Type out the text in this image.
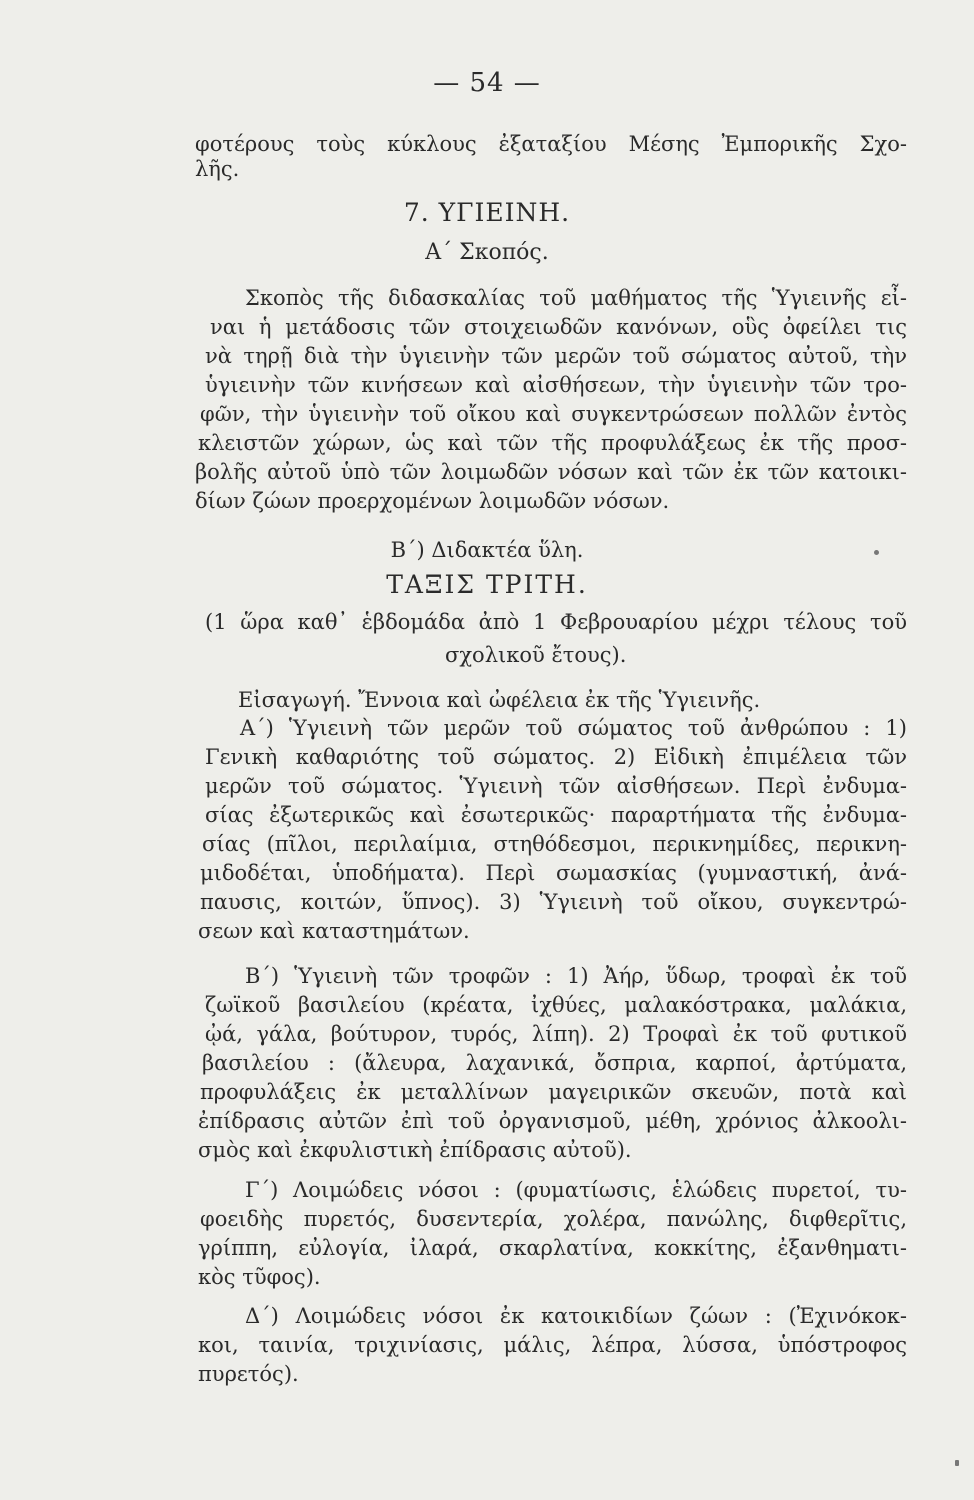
— 54 —
φοτέρους τοὺς κύκλους ἐξαταξίου Μέσης Ἐμπορικῆς Σχο-
λῆς.
7. ΥΓΙΕΙΝΗ.
Α΄ Σκοπός.
Σκοπὸς τῆς διδασκαλίας τοῦ μαθήματος τῆς Ὑγιεινῆς εἶ-
ναι ἡ μετάδοσις τῶν στοιχειωδῶν κανόνων, οὓς ὀφείλει τις
νὰ τηρῇ διὰ τὴν ὑγιεινὴν τῶν μερῶν τοῦ σώματος αὐτοῦ, τὴν
ὑγιεινὴν τῶν κινήσεων καὶ αἰσθήσεων, τὴν ὑγιεινὴν τῶν τρο-
φῶν, τὴν ὑγιεινὴν τοῦ οἴκου καὶ συγκεντρώσεων πολλῶν ἐντὸς
κλειστῶν χώρων, ὡς καὶ τῶν τῆς προφυλάξεως ἐκ τῆς προσ-
βολῆς αὐτοῦ ὑπὸ τῶν λοιμωδῶν νόσων καὶ τῶν ἐκ τῶν κατοικι-
δίων ζώων προερχομένων λοιμωδῶν νόσων.
Β΄) Διδακτέα ὕλη.
ΤΑΞΙΣ ΤΡΙΤΗ.
(1 ὥρα καθ᾽ ἑβδομάδα ἀπὸ 1 Φεβρουαρίου μέχρι τέλους τοῦ
σχολικοῦ ἔτους).
Εἰσαγωγή. Ἔννοια καὶ ὠφέλεια ἐκ τῆς Ὑγιεινῆς.
Α΄) Ὑγιεινὴ τῶν μερῶν τοῦ σώματος τοῦ ἀνθρώπου : 1)
Γενικὴ καθαριότης τοῦ σώματος. 2) Εἰδικὴ ἐπιμέλεια τῶν
μερῶν τοῦ σώματος. Ὑγιεινὴ τῶν αἰσθήσεων. Περὶ ἐνδυμα-
σίας ἐξωτερικῶς καὶ ἐσωτερικῶς· παραρτήματα τῆς ἐνδυμα-
σίας (πῖλοι, περιλαίμια, στηθόδεσμοι, περικνημίδες, περικνη-
μιδοδέται, ὑποδήματα). Περὶ σωμασκίας (γυμναστική, ἀνά-
παυσις, κοιτών, ὕπνος). 3) Ὑγιεινὴ τοῦ οἴκου, συγκεντρώ-
σεων καὶ καταστημάτων.
Β΄) Ὑγιεινὴ τῶν τροφῶν : 1) Ἀήρ, ὕδωρ, τροφαὶ ἐκ τοῦ
ζωϊκοῦ βασιλείου (κρέατα, ἰχθύες, μαλακόστρακα, μαλάκια,
ᾠά, γάλα, βούτυρον, τυρός, λίπη). 2) Τροφαὶ ἐκ τοῦ φυτικοῦ
βασιλείου : (ἄλευρα, λαχανικά, ὄσπρια, καρποί, ἀρτύματα,
προφυλάξεις ἐκ μεταλλίνων μαγειρικῶν σκευῶν, ποτὰ καὶ
ἐπίδρασις αὐτῶν ἐπὶ τοῦ ὀργανισμοῦ, μέθη, χρόνιος ἀλκοολι-
σμὸς καὶ ἐκφυλιστικὴ ἐπίδρασις αὐτοῦ).
Γ΄) Λοιμώδεις νόσοι : (φυματίωσις, ἑλώδεις πυρετοί, τυ-
φοειδὴς πυρετός, δυσεντερία, χολέρα, πανώλης, διφθερῖτις,
γρίππη, εὐλογία, ἰλαρά, σκαρλατίνα, κοκκίτης, ἐξανθηματι-
κὸς τῦφος).
Δ΄) Λοιμώδεις νόσοι ἐκ κατοικιδίων ζώων : (Ἐχινόκοκ-
κοι, ταινία, τριχινίασις, μάλις, λέπρα, λύσσα, ὑπόστροφος
πυρετός).
